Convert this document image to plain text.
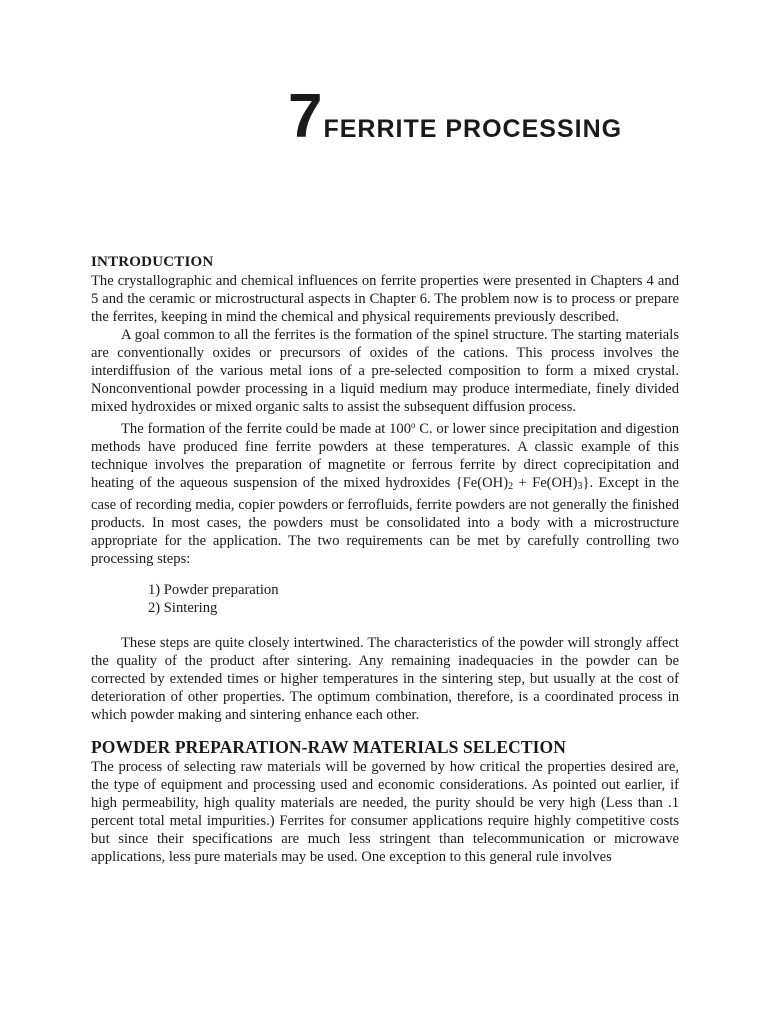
7 FERRITE PROCESSING
INTRODUCTION

The crystallographic and chemical influences on ferrite properties were presented in Chapters 4 and 5 and the ceramic or microstructural aspects in Chapter 6. The problem now is to process or prepare the ferrites, keeping in mind the chemical and physical requirements previously described.

A goal common to all the ferrites is the formation of the spinel structure. The starting materials are conventionally oxides or precursors of oxides of the cations. This process involves the interdiffusion of the various metal ions of a pre-selected composition to form a mixed crystal. Nonconventional powder processing in a liquid medium may produce intermediate, finely divided mixed hydroxides or mixed organic salts to assist the subsequent diffusion process.

The formation of the ferrite could be made at 100$^o$ C. or lower since precipitation and digestion methods have produced fine ferrite powders at these temperatures. A classic example of this technique involves the preparation of magnetite or ferrous ferrite by direct coprecipitation and heating of the aqueous suspension of the mixed hydroxides $\{Fe(OH)_2 + Fe(OH)_3\}$. Except in the case of recording media, copier powders or ferrofluids, ferrite powders are not generally the finished products. In most cases, the powders must be consolidated into a body with a microstructure appropriate for the application. The two requirements can be met by carefully controlling two processing steps:

1) Powder preparation
2) Sintering

These steps are quite closely intertwined. The characteristics of the powder will strongly affect the quality of the product after sintering. Any remaining inadequacies in the powder can be corrected by extended times or higher temperatures in the sintering step, but usually at the cost of deterioration of other properties. The optimum combination, therefore, is a coordinated process in which powder making and sintering enhance each other.

POWDER PREPARATION-RAW MATERIALS SELECTION

The process of selecting raw materials will be governed by how critical the properties desired are, the type of equipment and processing used and economic considerations. As pointed out earlier, if high permeability, high quality materials are needed, the purity should be very high (Less than .1 percent total metal impurities.) Ferrites for consumer applications require highly competitive costs but since their specifications are much less stringent than telecommunication or microwave applications, less pure materials may be used. One exception to this general rule involves
